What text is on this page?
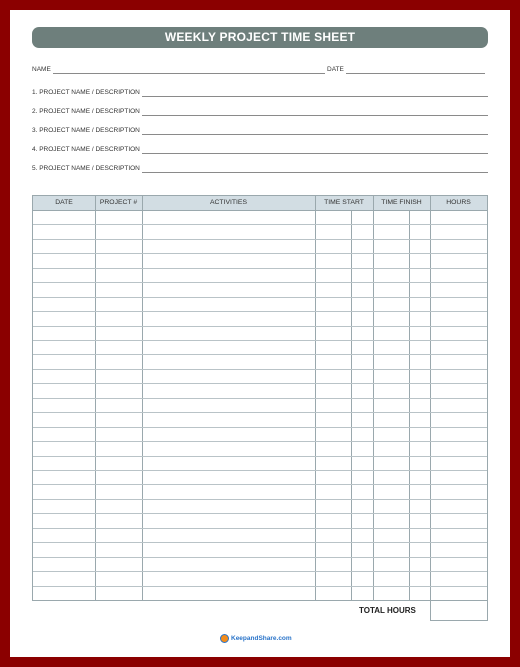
WEEKLY PROJECT TIME SHEET
NAME	DATE
1. PROJECT NAME / DESCRIPTION
2. PROJECT NAME / DESCRIPTION
3. PROJECT NAME / DESCRIPTION
4. PROJECT NAME / DESCRIPTION
5. PROJECT NAME / DESCRIPTION
DATE	PROJECT #	ACTIVITIES	TIME START	TIME FINISH	HOURS
TOTAL HOURS
KeepandShare.com
